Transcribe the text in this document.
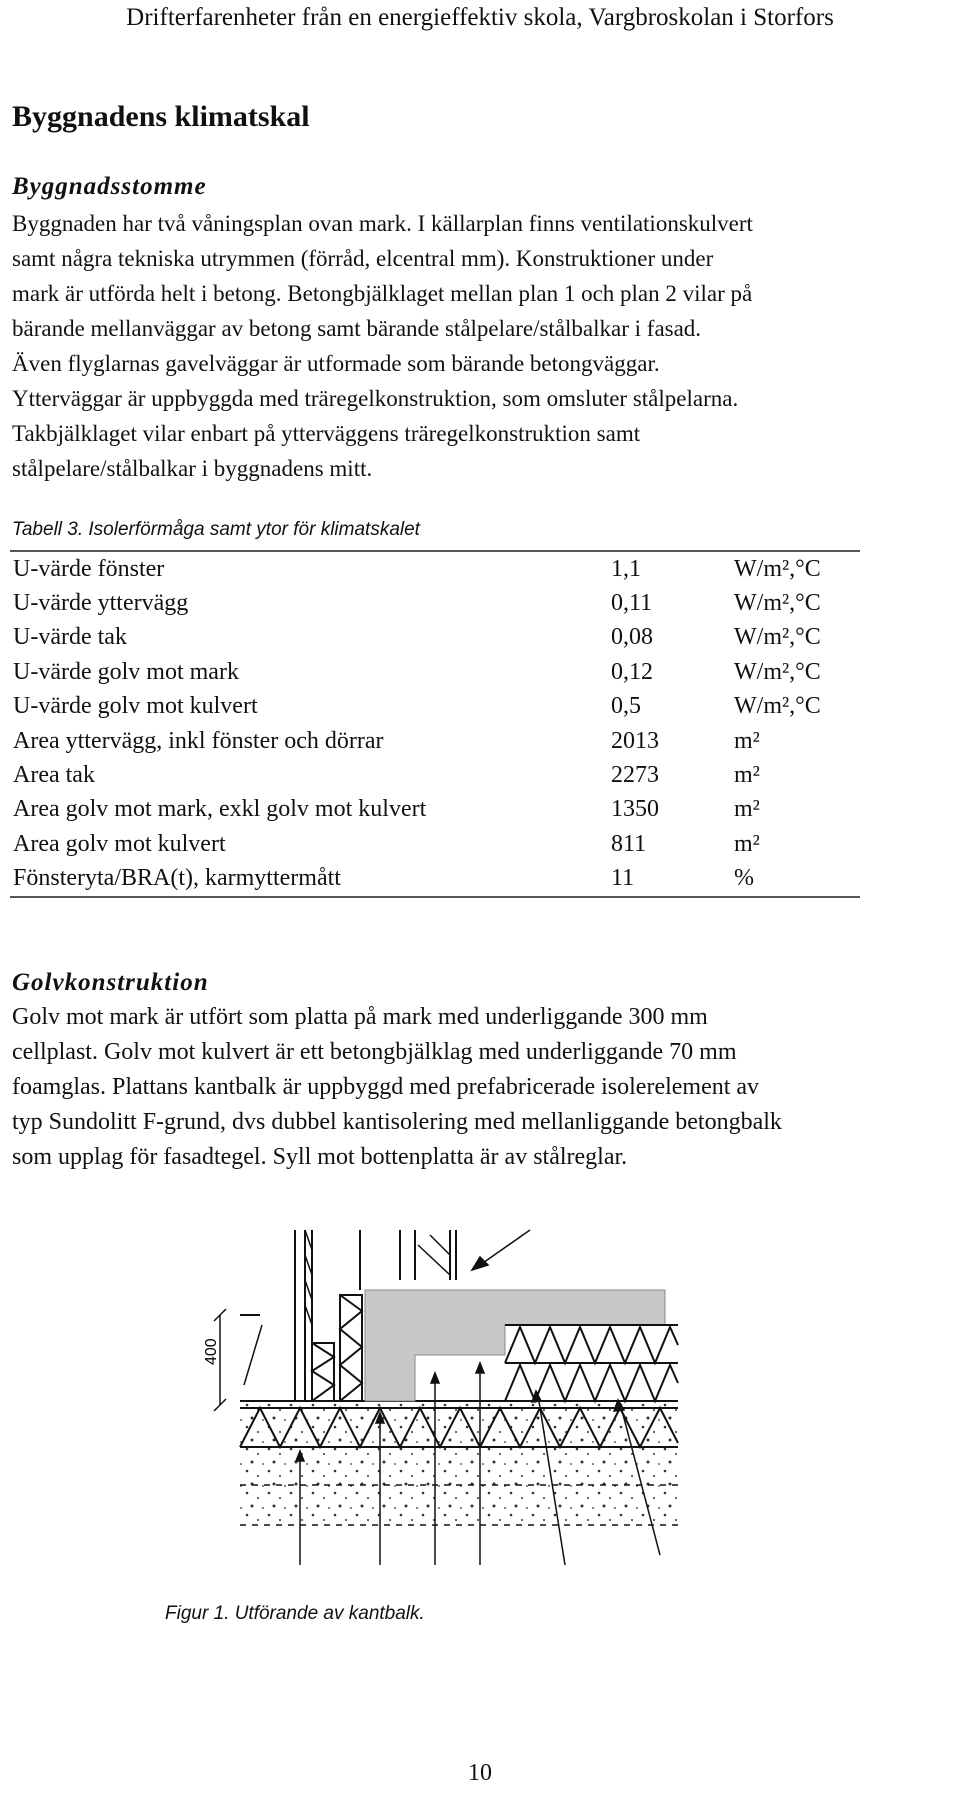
Drifterfarenheter från en energieffektiv skola, Vargbroskolan i Storfors
Byggnadens klimatskal
Byggnadsstomme
Byggnaden har två våningsplan ovan mark. I källarplan finns ventilationskulvert
samt några tekniska utrymmen (förråd, elcentral mm). Konstruktioner under
mark är utförda helt i betong. Betongbjälklaget mellan plan 1 och plan 2 vilar på
bärande mellanväggar av betong samt bärande stålpelare/stålbalkar i fasad.
Även flyglarnas gavelväggar är utformade som bärande betongväggar.
Ytterväggar är uppbyggda med träregelkonstruktion, som omsluter stålpelarna.
Takbjälklaget vilar enbart på ytterväggens träregelkonstruktion samt
stålpelare/stålbalkar i byggnadens mitt.
Tabell 3. Isolerförmåga samt ytor för klimatskalet
U-värde fönster	1,1	W/m²,°C
U-värde yttervägg	0,11	W/m²,°C
U-värde tak	0,08	W/m²,°C
U-värde golv mot mark	0,12	W/m²,°C
U-värde golv mot kulvert	0,5	W/m²,°C
Area yttervägg, inkl fönster och dörrar	2013	m²
Area tak	2273	m²
Area golv mot mark, exkl golv mot kulvert	1350	m²
Area golv mot kulvert	811	m²
Fönsteryta/BRA(t), karmyttermått	11	%
Golvkonstruktion
Golv mot mark är utfört som platta på mark med underliggande 300 mm
cellplast. Golv mot kulvert är ett betongbjälklag med underliggande 70 mm
foamglas. Plattans kantbalk är uppbyggd med prefabricerade isolerelement av
typ Sundolitt F-grund, dvs dubbel kantisolering med mellanliggande betongbalk
som upplag för fasadtegel. Syll mot bottenplatta är av stålreglar.
400
Figur 1. Utförande av kantbalk.
10
